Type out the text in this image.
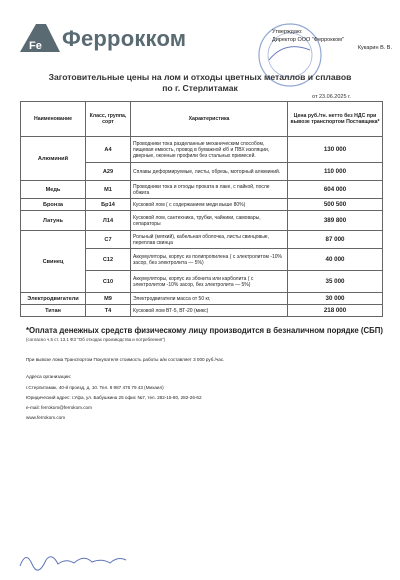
Fe Феррокком	Утверждаю:
Директор ООО "Феррокком"
Кукарин В. В.
Заготовительные цены на лом и отходы цветных металлов и сплавов
по г. Стерлитамак
от 23.06.2025 г.
Наименование	Класс, группа, сорт	Характеристика	Цена руб./тн. нетто без НДС при вывозе транспортом Поставщика*
Алюминий	А4	Проводники тока разделанные механическим способом, пищевая емкость, провод в бумажной к/б и ПВХ изоляции, дверные, оконные профили без стальных примесей.	130 000
	А29	Сплавы деформируемые, листы, обрезь, моторный алюминий.	110 000
Медь	М1	Проводники тока и отходы проката в лаке, с пайкой, после обжига	604 000
Бронза	Бр14	Кусковой лом ( с содержанием меди выше 80%)	500 500
Латунь	Л14	Кусковой лом, сантехника, трубки, чайники, самовары, сепараторы	389 800
Свинец	С7	Рольный (мягкий), кабельная оболочка, листы свинцовые, переплав свинца	87 000
	С12	Аккумуляторы, корпус из полипропилена ( с электролитом -10% засор, без электролита — 5%)	40 000
	С10	Аккумуляторы, корпус из эбонита или карболита ( с электролитом -10% засор, без электролита — 5%)	35 000
Электродвигатели	М9	Электродвигатели масса от 50 кг,	30 000
Титан	Т4	Кусковой лом ВТ-5, ВТ-20 (микс)	218 000
*Оплата денежных средств физическому лицу производится в безналичном порядке (СБП)
(согласно ч.5 ст. 13.1 ФЗ "Об отходах производства и потребления")
При вывозе лома Транспортом Покупателя стоимость работы а/м составляет 3 000 руб./час.
Адреса организации:
г.Стерлитамак, 40-й проезд, д. 10. Тел. 8 987 476 79 43 (Михаил)
Юридический адрес: г.Уфа, ул. Бабушкина 25 офис №7, тел. 282-15-80, 282-26-62
e-mail: ferrokom@ferrokom.com
www.ferrokom.com
